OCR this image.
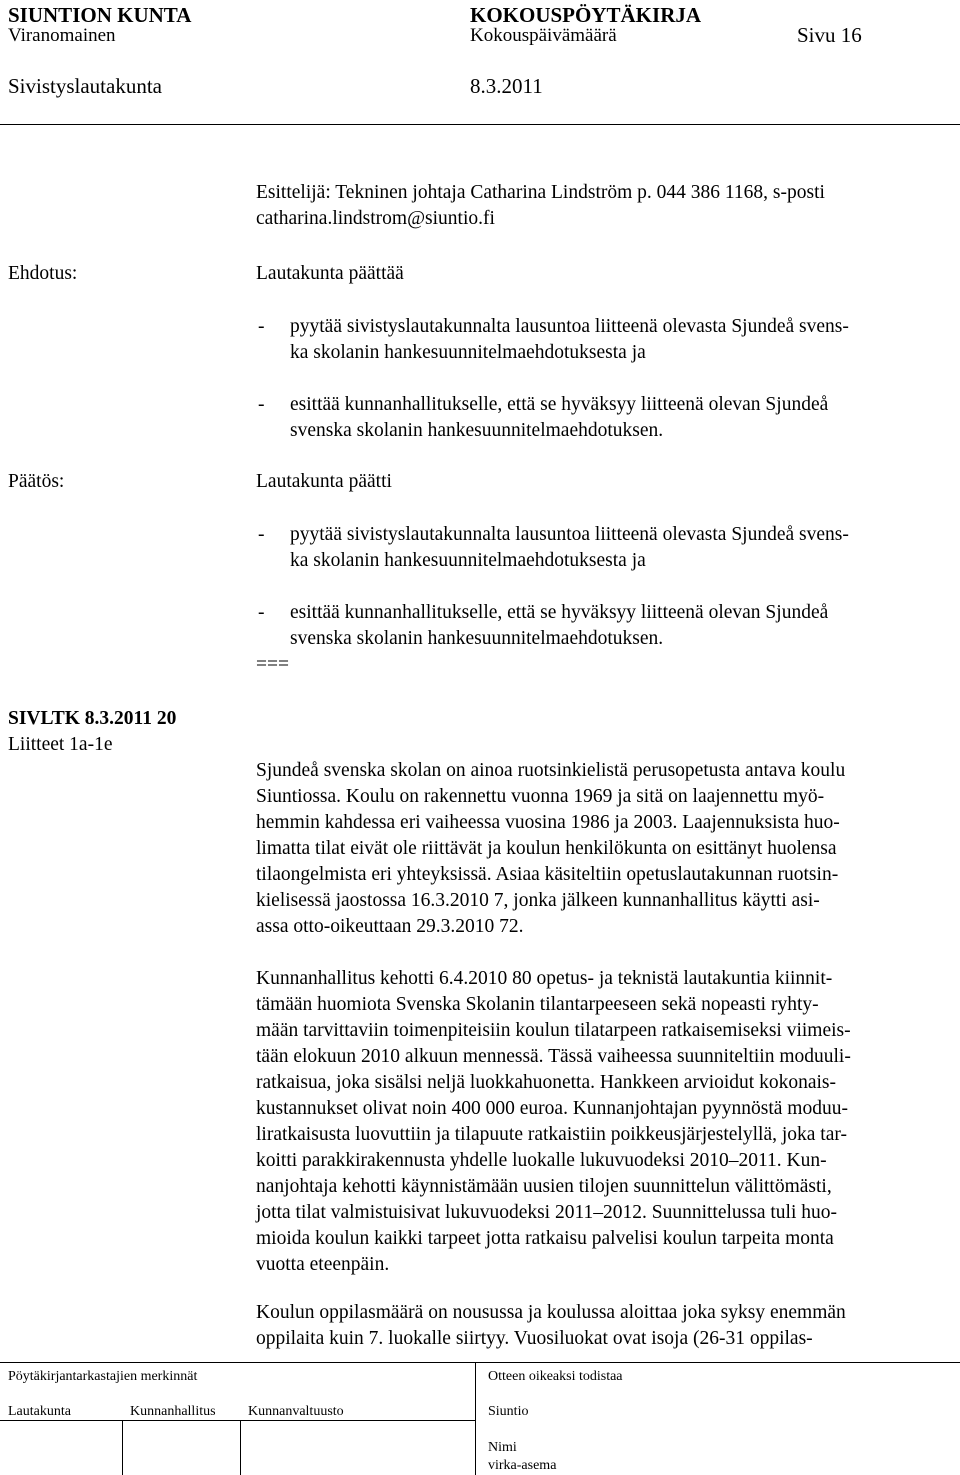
SIUNTION KUNTA	KOKOUSPÖYTÄKIRJA
Viranomainen	Kokouspäivämäärä	Sivu 16
Sivistyslautakunta	8.3.2011
Esittelijä: Tekninen johtaja Catharina Lindström p. 044 386 1168, s-posti
catharina.lindstrom@siuntio.fi
Ehdotus:	Lautakunta päättää
- pyytää sivistyslautakunnalta lausuntoa liitteenä olevasta Sjundeå svens-
ka skolanin hankesuunnitelmaehdotuksesta ja
- esittää kunnanhallitukselle, että se hyväksyy liitteenä olevan Sjundeå
svenska skolanin hankesuunnitelmaehdotuksen.
Päätös:	Lautakunta päätti
- pyytää sivistyslautakunnalta lausuntoa liitteenä olevasta Sjundeå svens-
ka skolanin hankesuunnitelmaehdotuksesta ja
- esittää kunnanhallitukselle, että se hyväksyy liitteenä olevan Sjundeå
svenska skolanin hankesuunnitelmaehdotuksen.
===
SIVLTK 8.3.2011 20
Liitteet 1a-1e
Sjundeå svenska skolan on ainoa ruotsinkielistä perusopetusta antava koulu
Siuntiossa. Koulu on rakennettu vuonna 1969 ja sitä on laajennettu myö-
hemmin kahdessa eri vaiheessa vuosina 1986 ja 2003. Laajennuksista huo-
limatta tilat eivät ole riittävät ja koulun henkilökunta on esittänyt huolensa
tilaongelmista eri yhteyksissä. Asiaa käsiteltiin opetuslautakunnan ruotsin-
kielisessä jaostossa 16.3.2010 7, jonka jälkeen kunnanhallitus käytti asi-
assa otto-oikeuttaan 29.3.2010 72.
Kunnanhallitus kehotti 6.4.2010 80 opetus- ja teknistä lautakuntia kiinnit-
tämään huomiota Svenska Skolanin tilantarpeeseen sekä nopeasti ryhty-
mään tarvittaviin toimenpiteisiin koulun tilatarpeen ratkaisemiseksi viimeis-
tään elokuun 2010 alkuun mennessä. Tässä vaiheessa suunniteltiin moduuli-
ratkaisua, joka sisälsi neljä luokkahuonetta. Hankkeen arvioidut kokonais-
kustannukset olivat noin 400 000 euroa. Kunnanjohtajan pyynnöstä moduu-
liratkaisusta luovuttiin ja tilapuute ratkaistiin poikkeusjärjestelyllä, joka tar-
koitti parakkirakennusta yhdelle luokalle lukuvuodeksi 2010–2011. Kun-
nanjohtaja kehotti käynnistämään uusien tilojen suunnittelun välittömästi,
jotta tilat valmistuisivat lukuvuodeksi 2011–2012. Suunnittelussa tuli huo-
mioida koulun kaikki tarpeet jotta ratkaisu palvelisi koulun tarpeita monta
vuotta eteenpäin.
Koulun oppilasmäärä on nousussa ja koulussa aloittaa joka syksy enemmän
oppilaita kuin 7. luokalle siirtyy. Vuosiluokat ovat isoja (26-31 oppilas-
Pöytäkirjantarkastajien merkinnät
Lautakunta	Kunnanhallitus Kunnanvaltuusto
Otteen oikeaksi todistaa
Siuntio
Nimi
virka-asema
